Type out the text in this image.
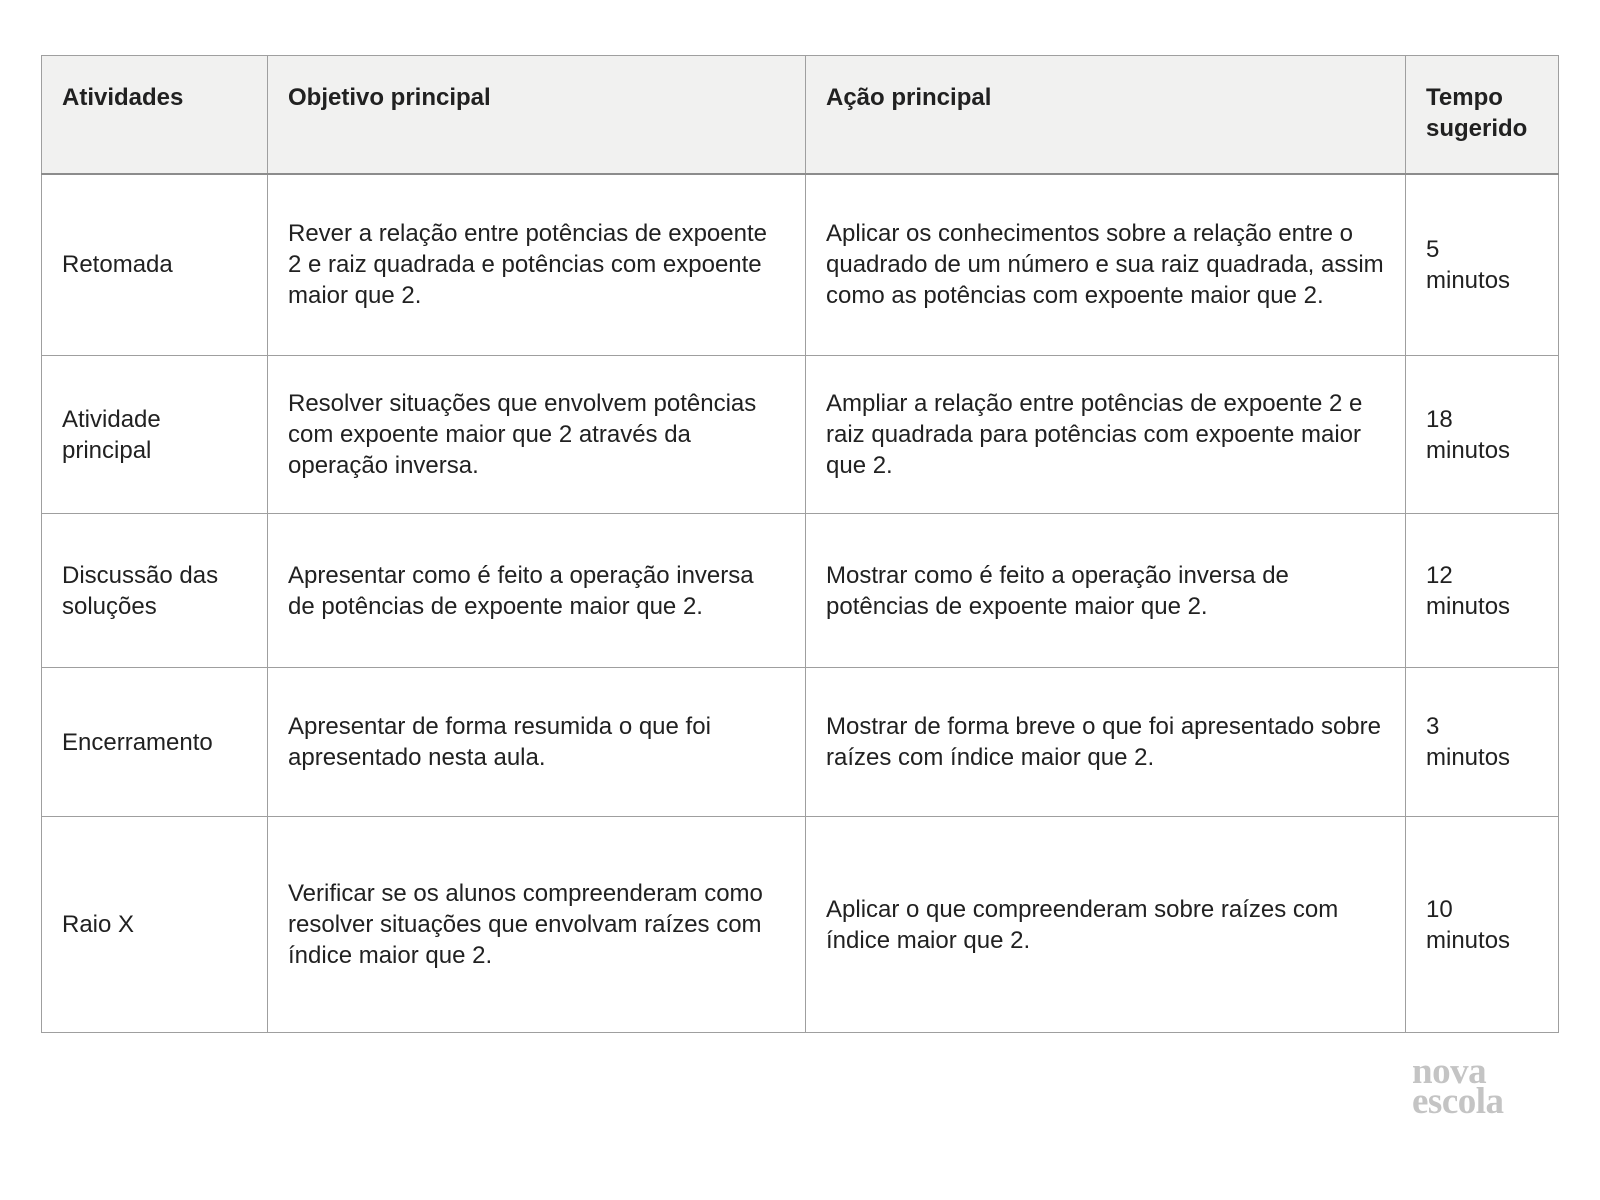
Atividades	Objetivo principal	Ação principal	Tempo sugerido
Retomada	Rever a relação entre potências de expoente 2 e raiz quadrada e potências com expoente maior que 2.	Aplicar os conhecimentos sobre a relação entre o quadrado de um número e sua raiz quadrada, assim como as potências com expoente maior que 2.	5
minutos

Atividade principal	Resolver situações que envolvem potências com expoente maior que 2 através da operação inversa.	Ampliar a relação entre potências de expoente 2 e raiz quadrada para potências com expoente maior que 2.	18
minutos

Discussão das soluções	Apresentar como é feito a operação inversa de potências de expoente maior que 2.	Mostrar como é feito a operação inversa de potências de expoente maior que 2.	12
minutos

Encerramento	Apresentar de forma resumida o que foi apresentado nesta aula.	Mostrar de forma breve o que foi apresentado sobre raízes com índice maior que 2.	3
minutos

Raio X	Verificar se os alunos compreenderam como resolver situações que envolvam raízes com índice maior que 2.	Aplicar o que compreenderam sobre raízes com índice maior que 2.	10
minutos
nova
escola
